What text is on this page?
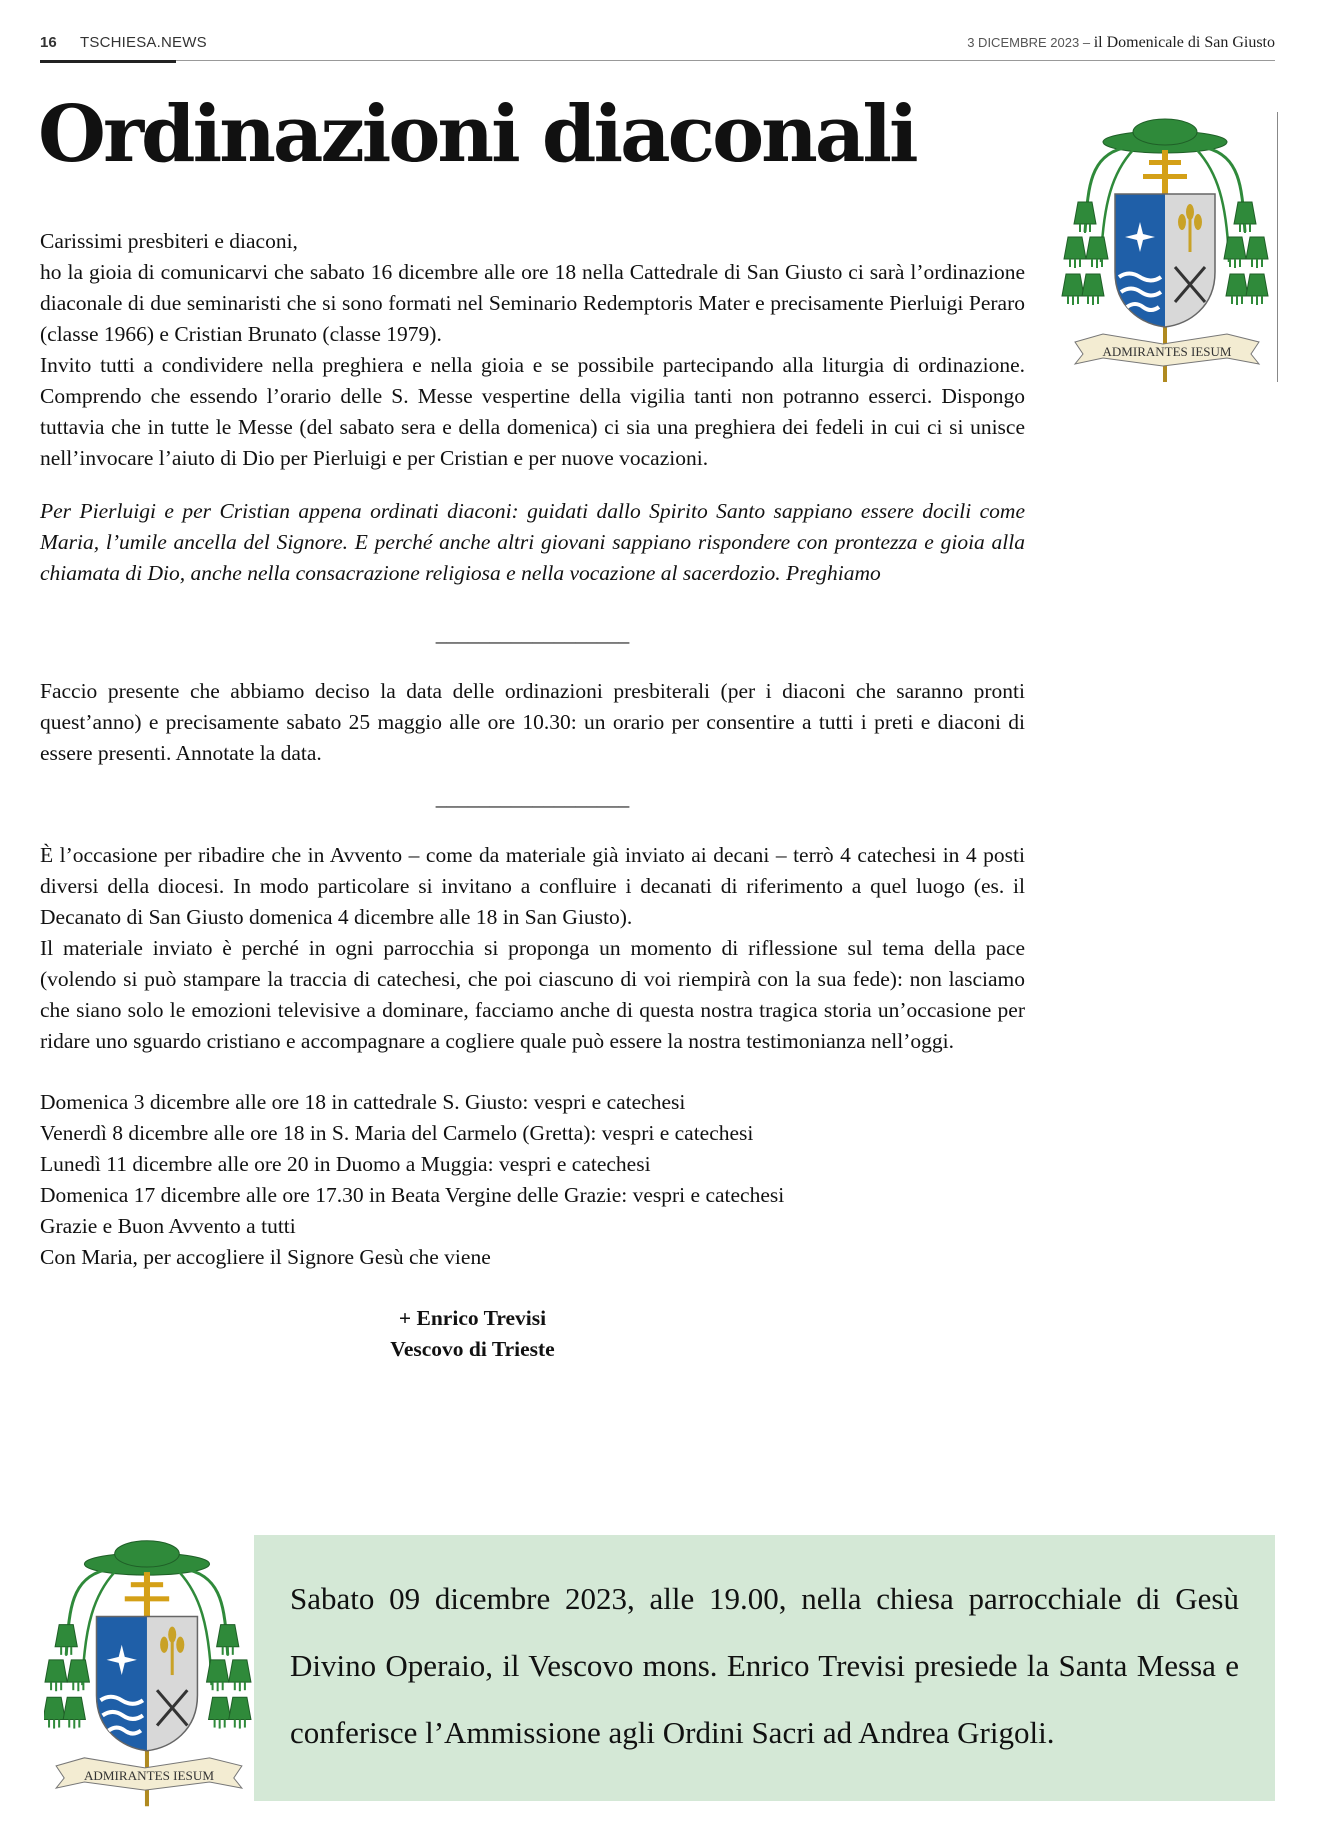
16 TSCHIESA.NEWS	3 DICEMBRE 2023 – il Domenicale di San Giusto
Ordinazioni diaconali
ADMIRANTES IESUM

Carissimi presbiteri e diaconi,

ho la gioia di comunicarvi che sabato 16 dicembre alle ore 18 nella Cattedrale di San Giusto ci sarà l’ordinazione diaconale di due seminaristi che si sono formati nel Seminario Redemptoris Mater e precisamente Pierluigi Peraro (classe 1966) e Cristian Brunato (classe 1979).

Invito tutti a condividere nella preghiera e nella gioia e se possibile partecipando alla liturgia di ordinazione. Comprendo che essendo l’orario delle S. Messe vespertine della vigilia tanti non potranno esserci. Dispongo tuttavia che in tutte le Messe (del sabato sera e della domenica) ci sia una preghiera dei fedeli in cui ci si unisce nell’invocare l’aiuto di Dio per Pierluigi e per Cristian e per nuove vocazioni.

Per Pierluigi e per Cristian appena ordinati diaconi: guidati dallo Spirito Santo sappiano essere docili come Maria, l’umile ancella del Signore. E perché anche altri giovani sappiano rispondere con prontezza e gioia alla chiamata di Dio, anche nella consacrazione religiosa e nella vocazione al sacerdozio. Preghiamo

__________________

Faccio presente che abbiamo deciso la data delle ordinazioni presbiterali (per i diaconi che saranno pronti quest’anno) e precisamente sabato 25 maggio alle ore 10.30: un orario per consentire a tutti i preti e diaconi di essere presenti. Annotate la data.

__________________

È l’occasione per ribadire che in Avvento – come da materiale già inviato ai decani – terrò 4 catechesi in 4 posti diversi della diocesi. In modo particolare si invitano a confluire i decanati di riferimento a quel luogo (es. il Decanato di San Giusto domenica 4 dicembre alle 18 in San Giusto).

Il materiale inviato è perché in ogni parrocchia si proponga un momento di riflessione sul tema della pace (volendo si può stampare la traccia di catechesi, che poi ciascuno di voi riempirà con la sua fede): non lasciamo che siano solo le emozioni televisive a dominare, facciamo anche di questa nostra tragica storia un’occasione per ridare uno sguardo cristiano e accompagnare a cogliere quale può essere la nostra testimonianza nell’oggi.

Domenica 3 dicembre alle ore 18 in cattedrale S. Giusto: vespri e catechesi
Venerdì 8 dicembre alle ore 18 in S. Maria del Carmelo (Gretta): vespri e catechesi
Lunedì 11 dicembre alle ore 20 in Duomo a Muggia: vespri e catechesi
Domenica 17 dicembre alle ore 17.30 in Beata Vergine delle Grazie: vespri e catechesi
Grazie e Buon Avvento a tutti
Con Maria, per accogliere il Signore Gesù che viene
+ Enrico Trevisi
Vescovo di Trieste
ADMIRANTES IESUM
Sabato 09 dicembre 2023, alle 19.00, nella chiesa parrocchiale di Gesù Divino Operaio, il Vescovo mons. Enrico Trevisi presiede la Santa Messa e conferisce l’Ammissione agli Ordini Sacri ad Andrea Grigoli.
